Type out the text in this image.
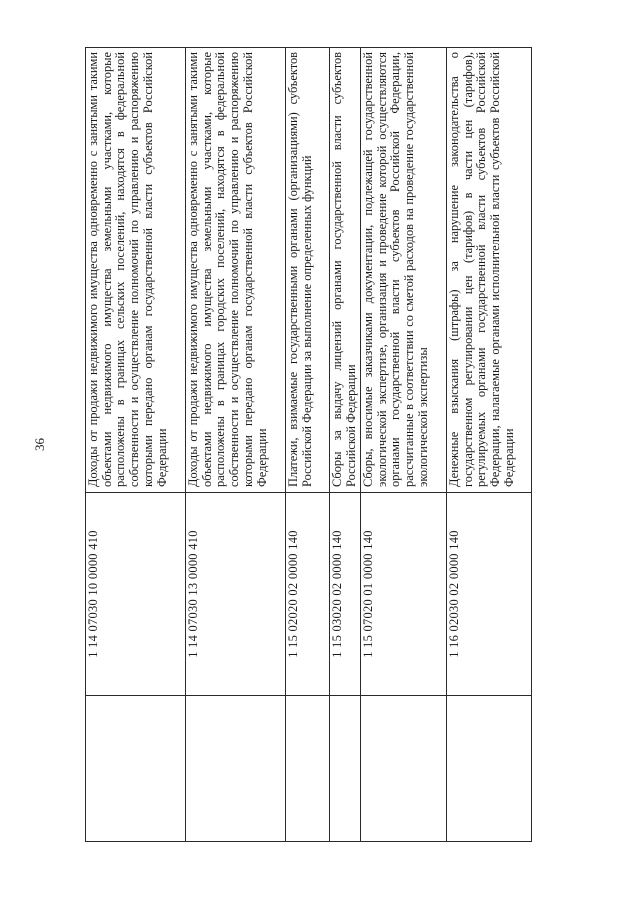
36
	1 14 07030 10 0000 410	Доходы от продажи недвижимого имущества одновременно с занятыми такими объектами недвижимого имущества земельными участками, которые расположены в границах сельских поселений, находятся в федеральной собственности и осуществление полномочий по управлению и распоряжению которыми передано органам государственной власти субъектов Российской Федерации
	1 14 07030 13 0000 410	Доходы от продажи недвижимого имущества одновременно с занятыми такими объектами недвижимого имущества земельными участками, которые расположены в границах городских поселений, находятся в федеральной собственности и осуществление полномочий по управлению и распоряжению которыми передано органам государственной власти субъектов Российской Федерации
	1 15 02020 02 0000 140	Платежи, взимаемые государственными органами (организациями) субъектов Российской Федерации за выполнение определенных функций
	1 15 03020 02 0000 140	Сборы за выдачу лицензий органами государственной власти субъектов Российской Федерации
	1 15 07020 01 0000 140	Сборы, вносимые заказчиками документации, подлежащей государственной экологической экспертизе, организация и проведение которой осуществляются органами государственной власти субъектов Российской Федерации, рассчитанные в соответствии со сметой расходов на проведение государственной экологической экспертизы
	1 16 02030 02 0000 140	Денежные взыскания (штрафы) за нарушение законодательства о государственном регулировании цен (тарифов) в части цен (тарифов), регулируемых органами государственной власти субъектов Российской Федерации, налагаемые органами исполнительной власти субъектов Российской Федерации
